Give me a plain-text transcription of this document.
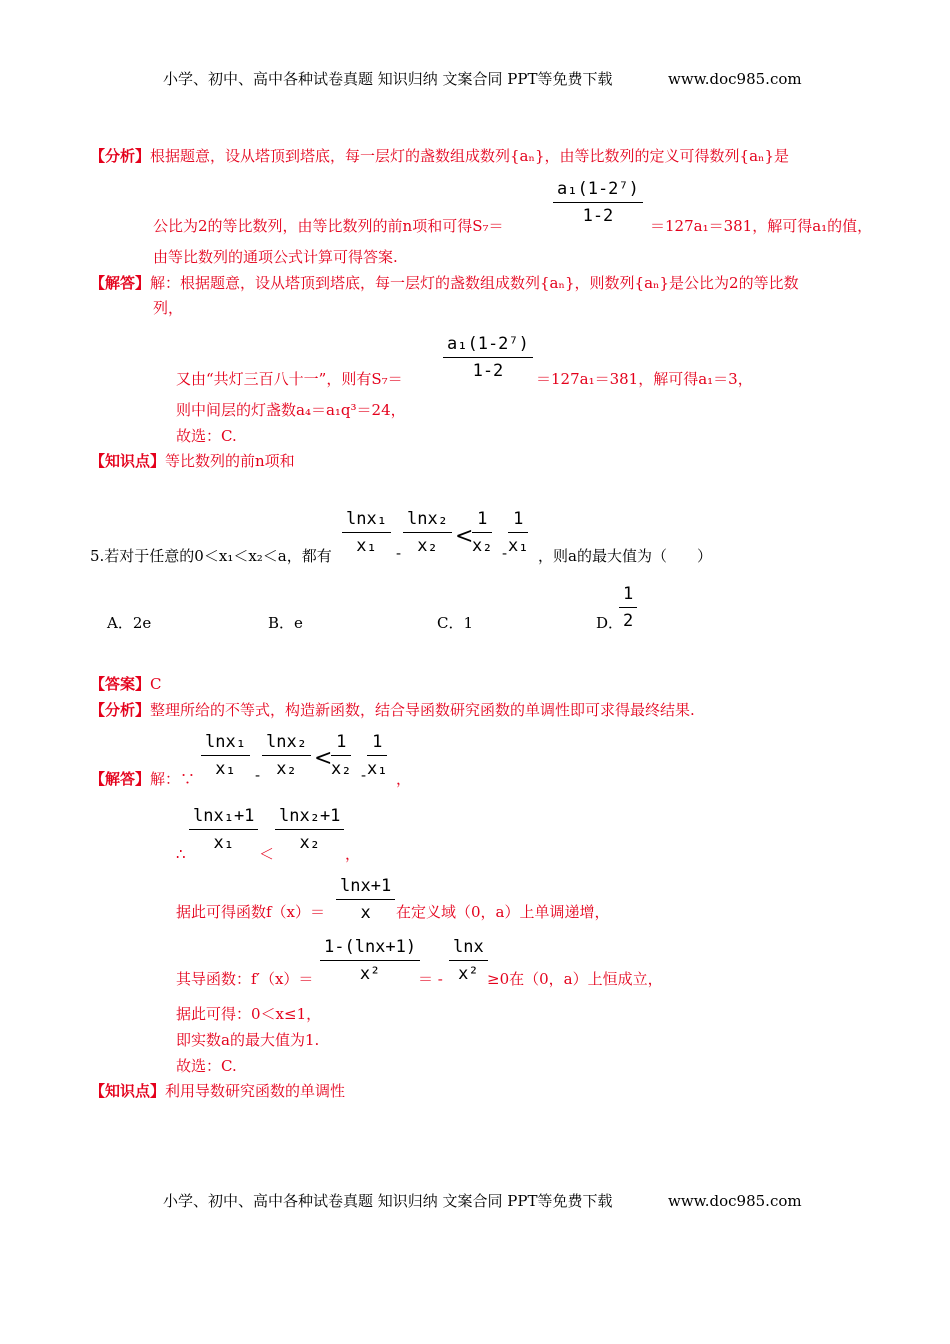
小学、初中、高中各种试卷真题 知识归纳 文案合同 PPT等免费下载	www.doc985.com
【分析】根据题意，设从塔顶到塔底，每一层灯的盏数组成数列{aₙ}，由等比数列的定义可得数列{aₙ}是
$\frac{\text{a₁(1-2⁷)}}{1-2}$
公比为2的等比数列，由等比数列的前n项和可得S₇＝	＝127a₁＝381，解可得a₁的值，
由等比数列的通项公式计算可得答案.
【解答】解：根据题意，设从塔顶到塔底，每一层灯的盏数组成数列{aₙ}，则数列{aₙ}是公比为2的等比数
列，
$\frac{\text{a₁(1-2⁷)}}{1-2}$
又由“共灯三百八十一”，则有S₇＝	＝127a₁＝381，解可得a₁＝3，
则中间层的灯盏数a₄＝a₁q³＝24，
故选：C.
【知识点】等比数列的前n项和
5.若对于任意的0＜x₁＜x₂＜a，都有 $\frac{\text{lnx₁}}{\text{x₁}} - \frac{\text{lnx₂}}{\text{x₂}}$ <
$\frac{1}{\text{x₂}} - \frac{1}{\text{x₁}}$ ，则a的最大值为（　　）
A．2e	B．e	C．1	D．
$\frac{1}{2}$
【答案】C
【分析】整理所给的不等式，构造新函数，结合导函数研究函数的单调性即可求得最终结果.
【解答】解：∵ $\frac{\text{lnx₁}}{\text{x₁}} - \frac{\text{lnx₂}}{\text{x₂}}$ <
$\frac{1}{\text{x₂}} - \frac{1}{\text{x₁}}$ ，
$\frac{\text{lnx₁+1}}{\text{x₁}}$
∴	＜ $\frac{\text{lnx₂+1}}{\text{x₂}}$ ，
据此可得函数$f(x)= \frac{\ln x+1}{x}$ 在定义域（0，a）上单调递增，
其导函数：$f'(x)= \frac{1-(\ln x+1)}{\text{x²}}$
＝ - $\frac{\ln x}{\text{x²}} \ge 0$在（0，a）上恒成立，
据此可得：0＜x≤1，
即实数a的最大值为1.
故选：C.
【知识点】利用导数研究函数的单调性
小学、初中、高中各种试卷真题 知识归纳 文案合同 PPT等免费下载	www.doc985.com
